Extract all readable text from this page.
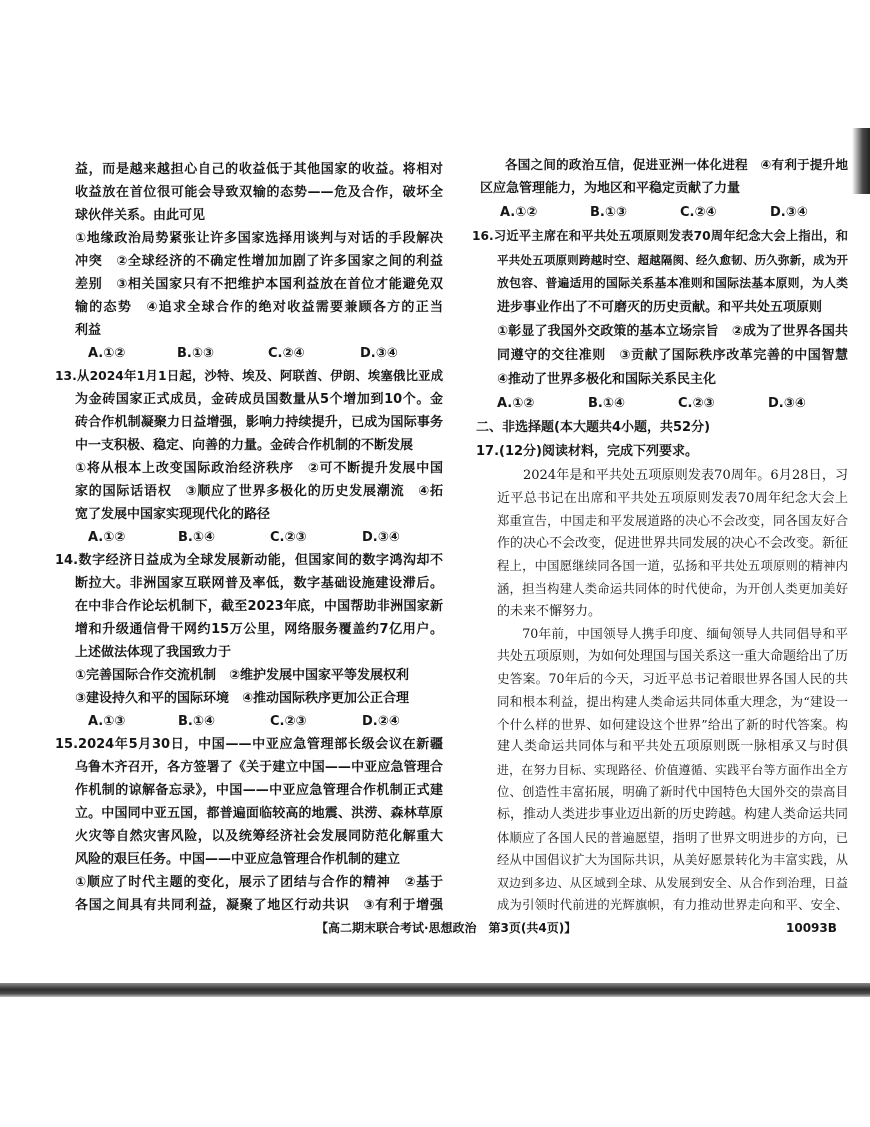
益，而是越来越担心自己的收益低于其他国家的收益。将相对
收益放在首位很可能会导致双输的态势——危及合作，破坏全
球伙伴关系。由此可见
①地缘政治局势紧张让许多国家选择用谈判与对话的手段解决
冲突　②全球经济的不确定性增加加剧了许多国家之间的利益
差别　③相关国家只有不把维护本国利益放在首位才能避免双
输的态势　④追求全球合作的绝对收益需要兼顾各方的正当
利益
A.①②	B.①③	C.②④	D.③④
13.从2024年1月1日起，沙特、埃及、阿联酋、伊朗、埃塞俄比亚成
为金砖国家正式成员，金砖成员国数量从5个增加到10个。金
砖合作机制凝聚力日益增强，影响力持续提升，已成为国际事务
中一支积极、稳定、向善的力量。金砖合作机制的不断发展
①将从根本上改变国际政治经济秩序　②可不断提升发展中国
家的国际话语权　③顺应了世界多极化的历史发展潮流　④拓
宽了发展中国家实现现代化的路径
A.①②	B.①④	C.②③	D.③④
14.数字经济日益成为全球发展新动能，但国家间的数字鸿沟却不
断拉大。非洲国家互联网普及率低，数字基础设施建设滞后。
在中非合作论坛机制下，截至2023年底，中国帮助非洲国家新
增和升级通信骨干网约15万公里，网络服务覆盖约7亿用户。
上述做法体现了我国致力于
①完善国际合作交流机制　②维护发展中国家平等发展权利
③建设持久和平的国际环境　④推动国际秩序更加公正合理
A.①③	B.①④	C.②③	D.②④
15.2024年5月30日，中国——中亚应急管理部长级会议在新疆
乌鲁木齐召开，各方签署了《关于建立中国——中亚应急管理合
作机制的谅解备忘录》，中国——中亚应急管理合作机制正式建
立。中国同中亚五国，都普遍面临较高的地震、洪涝、森林草原
火灾等自然灾害风险，以及统筹经济社会发展同防范化解重大
风险的艰巨任务。中国——中亚应急管理合作机制的建立
①顺应了时代主题的变化，展示了团结与合作的精神　②基于
各国之间具有共同利益，凝聚了地区行动共识　③有利于增强
各国之间的政治互信，促进亚洲一体化进程　④有利于提升地
区应急管理能力，为地区和平稳定贡献了力量
A.①②	B.①③	C.②④	D.③④
16.习近平主席在和平共处五项原则发表70周年纪念大会上指出，和
平共处五项原则跨越时空、超越隔阂、经久愈韧、历久弥新，成为开
放包容、普遍适用的国际关系基本准则和国际法基本原则，为人类
进步事业作出了不可磨灭的历史贡献。和平共处五项原则
①彰显了我国外交政策的基本立场宗旨　②成为了世界各国共
同遵守的交往准则　③贡献了国际秩序改革完善的中国智慧
④推动了世界多极化和国际关系民主化
A.①②	B.①④	C.②③	D.③④
二、非选择题(本大题共4小题，共52分)
17.(12分)阅读材料，完成下列要求。
2024年是和平共处五项原则发表70周年。6月28日，习
近平总书记在出席和平共处五项原则发表70周年纪念大会上
郑重宣告，中国走和平发展道路的决心不会改变，同各国友好合
作的决心不会改变，促进世界共同发展的决心不会改变。新征
程上，中国愿继续同各国一道，弘扬和平共处五项原则的精神内
涵，担当构建人类命运共同体的时代使命，为开创人类更加美好
的未来不懈努力。
70年前，中国领导人携手印度、缅甸领导人共同倡导和平
共处五项原则，为如何处理国与国关系这一重大命题给出了历
史答案。70年后的今天，习近平总书记着眼世界各国人民的共
同和根本利益，提出构建人类命运共同体重大理念，为“建设一
个什么样的世界、如何建设这个世界”给出了新的时代答案。构
建人类命运共同体与和平共处五项原则既一脉相承又与时俱
进，在努力目标、实现路径、价值遵循、实践平台等方面作出全方
位、创造性丰富拓展，明确了新时代中国特色大国外交的崇高目
标，推动人类进步事业迈出新的历史跨越。构建人类命运共同
体顺应了各国人民的普遍愿望，指明了世界文明进步的方向，已
经从中国倡议扩大为国际共识，从美好愿景转化为丰富实践，从
双边到多边、从区域到全球、从发展到安全、从合作到治理，日益
成为引领时代前进的光辉旗帜，有力推动世界走向和平、安全、
【高二期末联合考试·思想政治　第3页(共4页)】	10093B
